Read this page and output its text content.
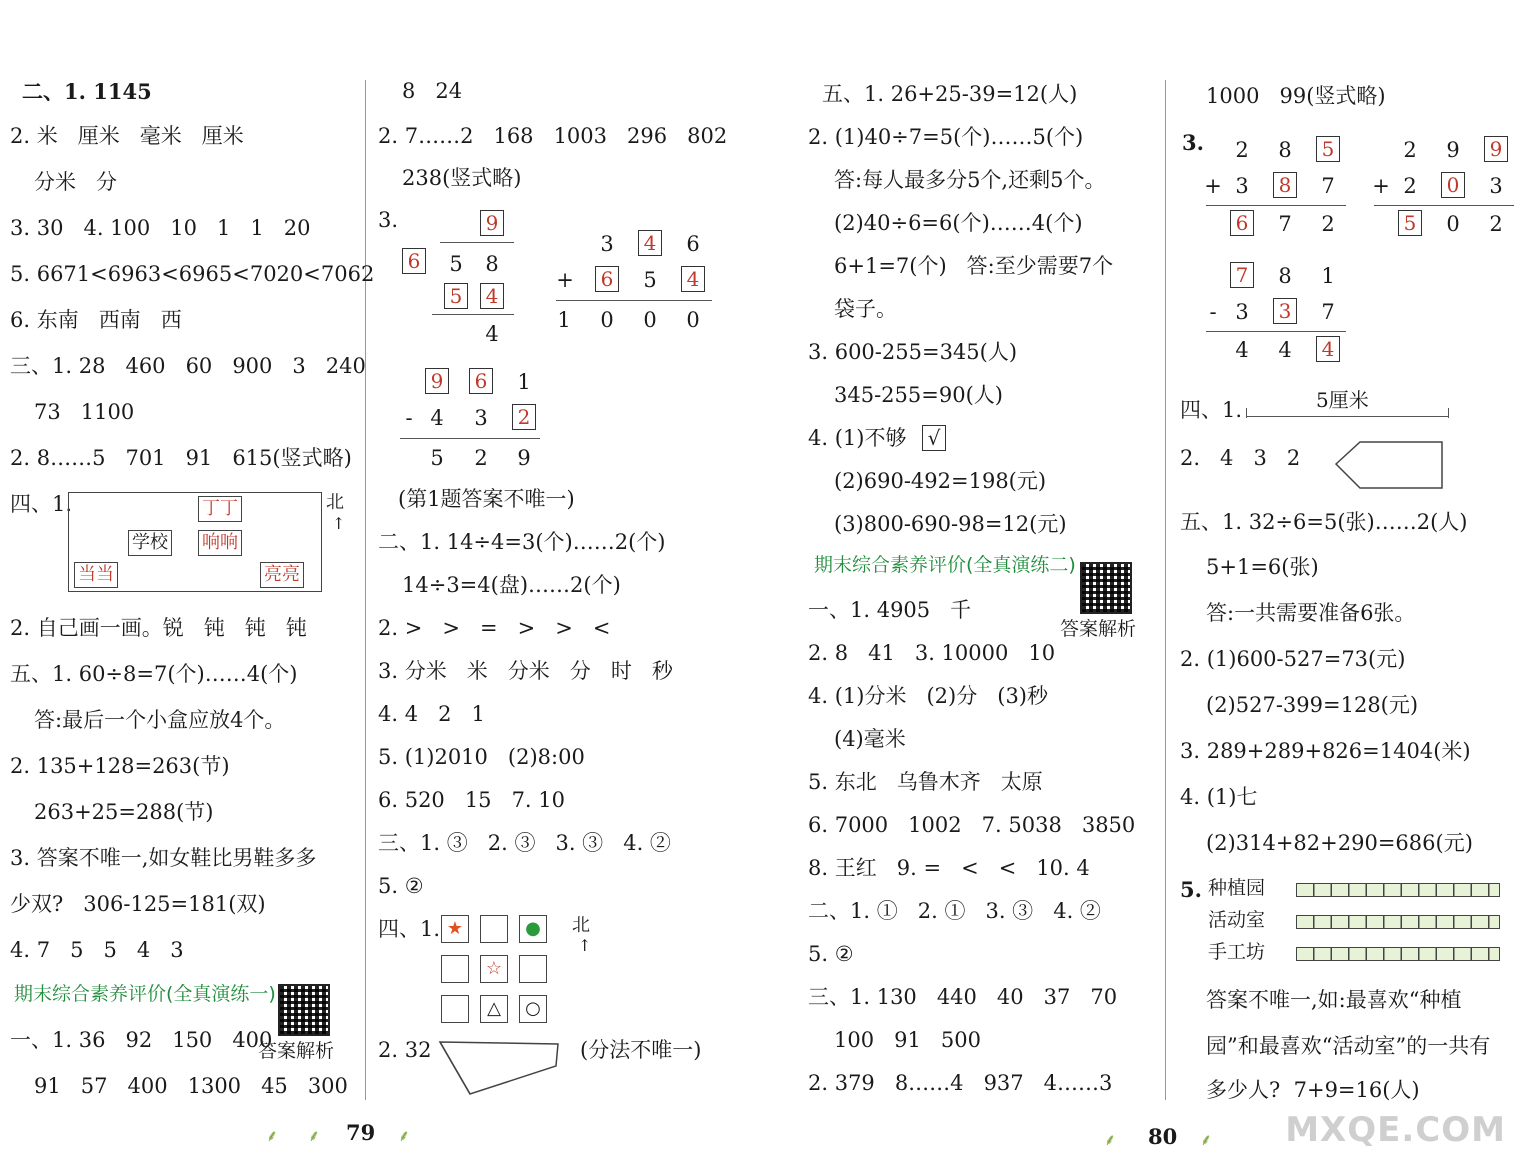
二、1. 1145
2. 米   厘米   毫米   厘米
分米   分
3. 30   4. 100   10   1   1   20
5. 6671<6963<6965<7020<7062
6. 东南   西南   西
三、1. 28   460   60   900   3   240
73   1100
2. 8……5   701   91   615(竖式略)
四、1.	丁丁
学校 响响
当当	亮亮
北
↑
2. 自己画一画。锐   钝   钝   钝
五、1. 60÷8=7(个)……4(个)
答:最后一个小盒应放4个。
2. 135+128=263(节)
263+25=288(节)
3. 答案不唯一,如女鞋比男鞋多多
少双?   306-125=181(双)
4. 7   5   5   4   3
期末综合素养评价(全真演练一)
答案解析
一、1. 36   92   150   400
91   57   400   1300   45   300
8   24
2. 7……2   168   1003   296   802
238(竖式略)
3.	9
6 5 8
5 4
4
3 4 6
+ 6 5 4
1 0 0 0
9 6 1
- 4 3 2
5 2 9
(第1题答案不唯一)
二、1. 14÷4=3(个)……2(个)
14÷3=4(盘)……2(个)
2. >   >   =   >   >   <
3. 分米   米   分米   分   时   秒
4. 4   2   1
5. (1)2010   (2)8:00
6. 520   15   7. 10
三、1. ③   2. ③   3. ③   4. ②
5. ②
四、1. ★	●
☆
△	○
北
↑
2. 32	(分法不唯一)
⸙ ⸙ 79 ⸙
五、1. 26+25-39=12(人)
2. (1)40÷7=5(个)……5(个)
答:每人最多分5个,还剩5个。
(2)40÷6=6(个)……4(个)
6+1=7(个)   答:至少需要7个
袋子。
3. 600-255=345(人)
345-255=90(人)
4. (1)不够 √
(2)690-492=198(元)
(3)800-690-98=12(元)
期末综合素养评价(全真演练二)
答案解析
一、1. 4905   千
2. 8   41   3. 10000   10
4. (1)分米   (2)分   (3)秒
(4)毫米
5. 东北   乌鲁木齐   太原
6. 7000   1002   7. 5038   3850
8. 王红   9. =   <   <   10. 4
二、1. ①   2. ①   3. ③   4. ②
5. ②
三、1. 130   440   40   37   70
100   91   500
2. 379   8……4   937   4……3
⸙ 80 ⸙
1000   99(竖式略)
3. 2 8 5
+ 3 8 7
6 7 2
2 9 9
+ 2 0 3
5 0 2
7 8 1
- 3 3 7
4 4 4
四、1.	5厘米
2.   4   3   2
五、1. 32÷6=5(张)……2(人)
5+1=6(张)
答:一共需要准备6张。
2. (1)600-527=73(元)
(2)527-399=128(元)
3. 289+289+826=1404(米)
4. (1)七
(2)314+82+290=686(元)
5. 种植园
活动室
手工坊
答案不唯一,如:最喜欢“种植
园”和最喜欢“活动室”的一共有
多少人?  7+9=16(人)
MXQE.COM
